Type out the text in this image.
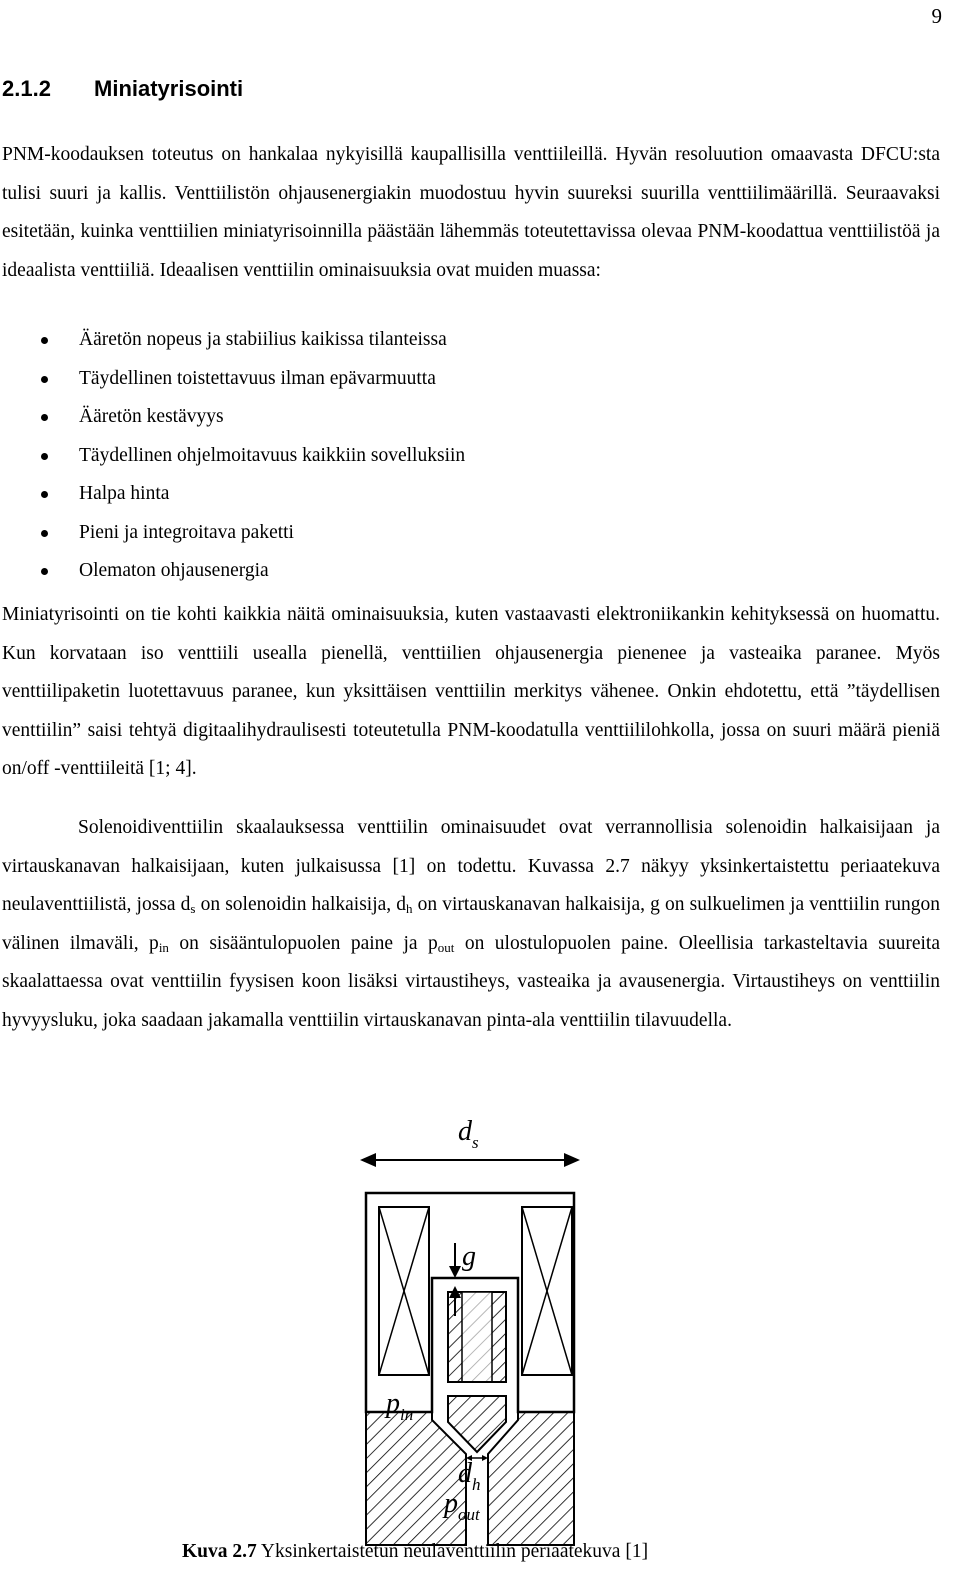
9
2.1.2 Miniatyrisointi

PNM-koodauksen toteutus on hankalaa nykyisillä kaupallisilla venttiileillä. Hyvän resoluution omaavasta DFCU:sta tulisi suuri ja kallis. Venttiilistön ohjausenergiakin muodostuu hyvin suureksi suurilla venttiilimäärillä. Seuraavaksi esitetään, kuinka venttiilien miniatyrisoinnilla päästään lähemmäs toteutettavissa olevaa PNM-koodattua venttiilistöä ja ideaalista venttiiliä. Ideaalisen venttiilin ominaisuuksia ovat muiden muassa:

Ääretön nopeus ja stabiilius kaikissa tilanteissa
Täydellinen toistettavuus ilman epävarmuutta
Ääretön kestävyys
Täydellinen ohjelmoitavuus kaikkiin sovelluksiin
Halpa hinta
Pieni ja integroitava paketti
Olematon ohjausenergia

Miniatyrisointi on tie kohti kaikkia näitä ominaisuuksia, kuten vastaavasti elektroniikankin kehityksessä on huomattu. Kun korvataan iso venttiili usealla pienellä, venttiilien ohjausenergia pienenee ja vasteaika paranee. Myös venttiilipaketin luotettavuus paranee, kun yksittäisen venttiilin merkitys vähenee. Onkin ehdotettu, että ”täydellisen venttiilin” saisi tehtyä digitaalihydraulisesti toteutetulla PNM-koodatulla venttiililohkolla, jossa on suuri määrä pieniä on/off -venttiileitä [1; 4].

Solenoidiventtiilin skaalauksessa venttiilin ominaisuudet ovat verrannollisia solenoidin halkaisijaan ja virtauskanavan halkaisijaan, kuten julkaisussa [1] on todettu. Kuvassa 2.7 näkyy yksinkertaistettu periaatekuva neulaventtiilistä, jossa $d_s$ on solenoidin halkaisija, $d_h$ on virtauskanavan halkaisija, g on sulkuelimen ja venttiilin rungon välinen ilmaväli, $p_{in}$ on sisääntulopuolen paine ja $p_{out}$ on ulostulopuolen paine. Oleellisia tarkasteltavia suureita skaalattaessa ovat venttiilin fyysisen koon lisäksi virtaustiheys, vasteaika ja avausenergia. Virtaustiheys on venttiilin hyvyysluku, joka saadaan jakamalla venttiilin virtauskanavan pinta-ala venttiilin tilavuudella.

$d_s$
g
$p_{in}$
$d_h$
$p_{out}$

Kuva 2.7 Yksinkertaistetun neulaventtiilin periaatekuva [1]
